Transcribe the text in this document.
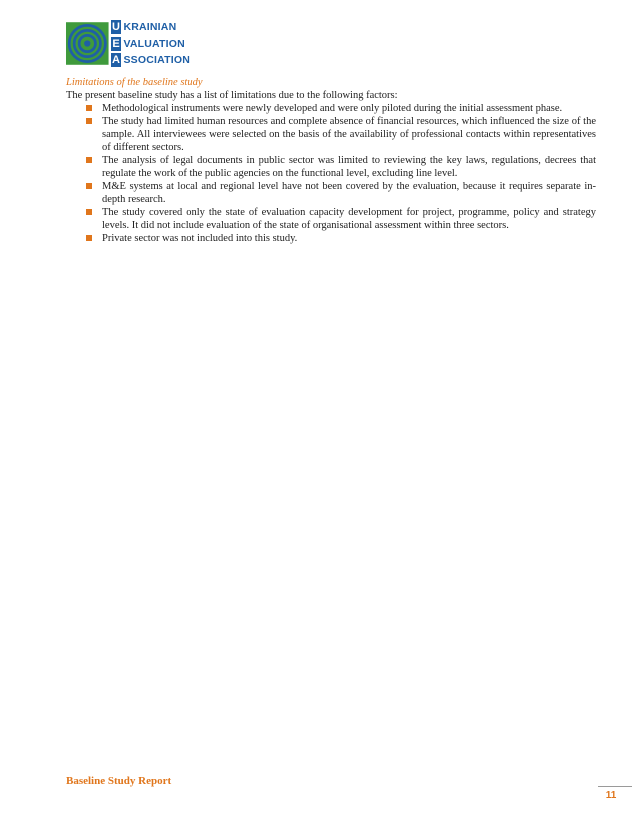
U
E
A
KRAINIAN
VALUATION
SSOCIATION

Limitations of the baseline study

The present baseline study has a list of limitations due to the following factors:

Methodological instruments were newly developed and were only piloted during the initial assessment phase.
The study had limited human resources and complete absence of financial resources, which influenced the size of the sample. All interviewees were selected on the basis of the availability of professional contacts within representatives of different sectors.
The analysis of legal documents in public sector was limited to reviewing the key laws, regulations, decrees that regulate the work of the public agencies on the functional level, excluding line level.
M&E systems at local and regional level have not been covered by the evaluation, because it requires separate in-depth research.
The study covered only the state of evaluation capacity development for project, programme, policy and strategy levels. It did not include evaluation of the state of organisational assessment within three sectors.
Private sector was not included into this study.
Baseline Study Report
11
